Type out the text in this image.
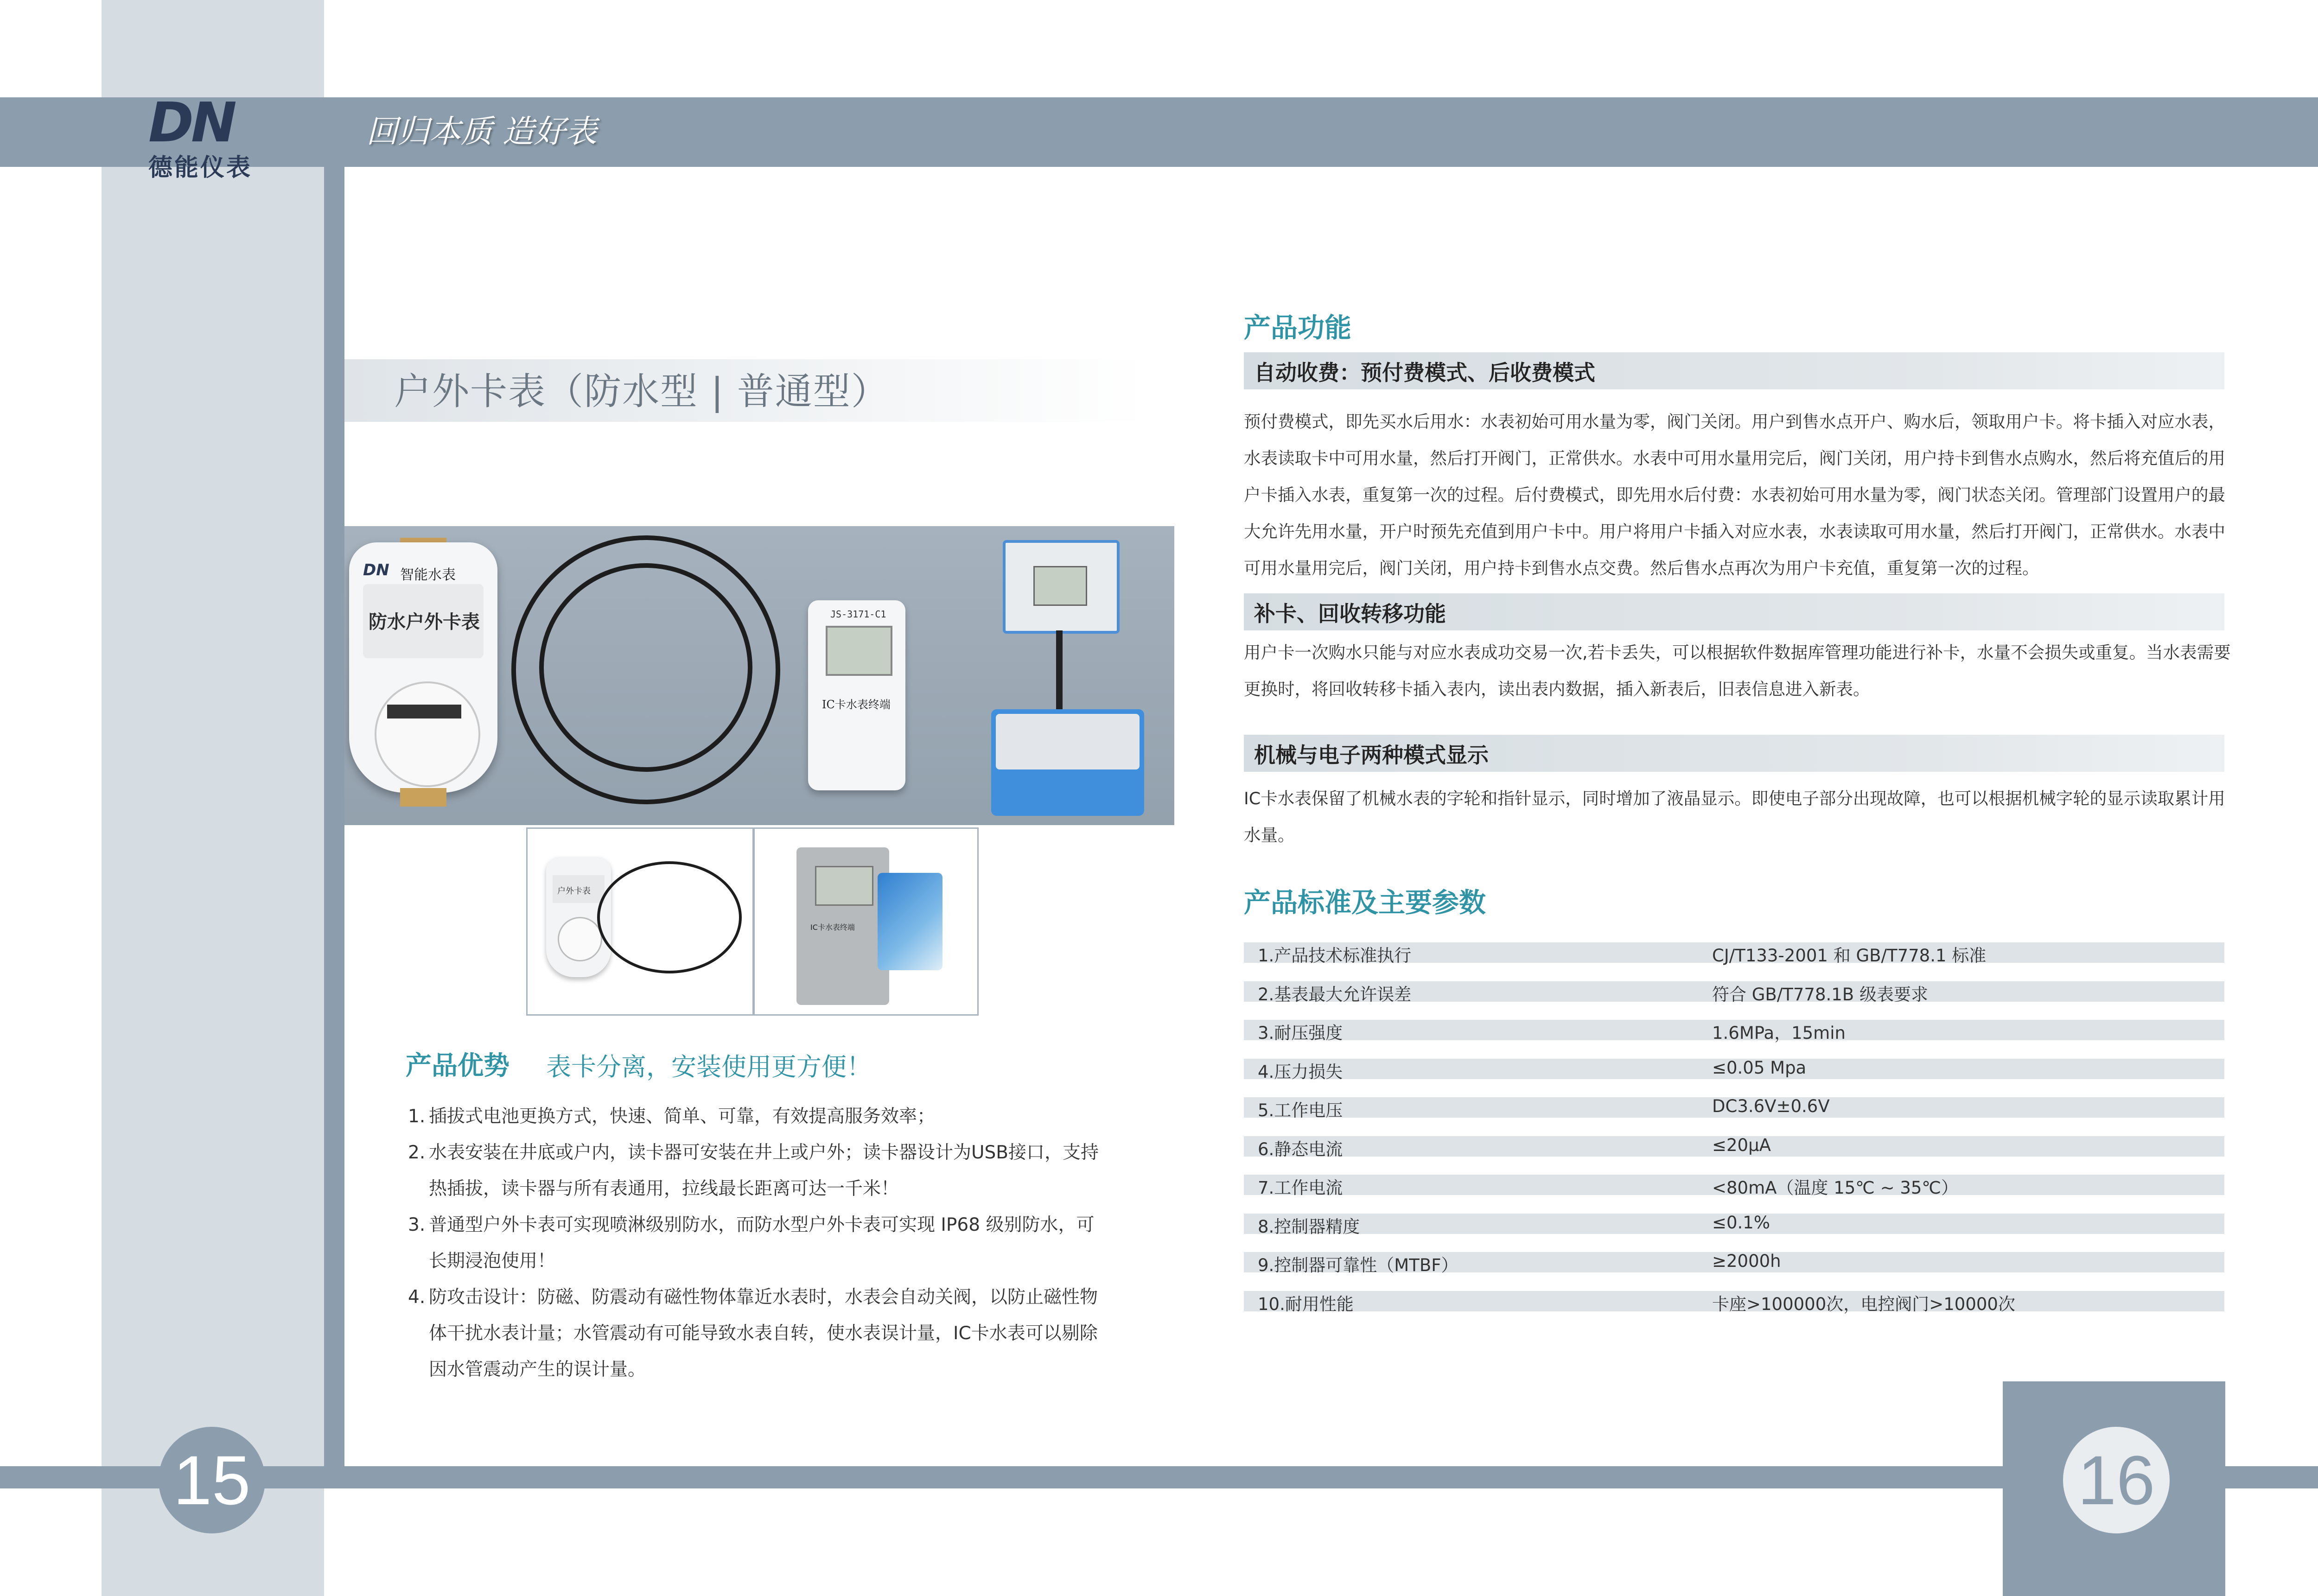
DN
德能仪表
回归本质 造好表
户外卡表（防水型 | 普通型）
DN 智能水表
防水户外卡表	JS-3171-C1
IC卡水表终端
户外卡表
IC卡水表终端
产品优势 表卡分离，安装使用更方便！
1. 插拔式电池更换方式，快速、简单、可靠，有效提高服务效率；
2. 水表安装在井底或户内，读卡器可安装在井上或户外；读卡器设计为USB接口，支持热插拔，读卡器与所有表通用，拉线最长距离可达一千米！
3. 普通型户外卡表可实现喷淋级别防水，而防水型户外卡表可实现 IP68 级别防水，可长期浸泡使用！
4. 防攻击设计：防磁、防震动有磁性物体靠近水表时，水表会自动关阀，以防止磁性物体干扰水表计量；水管震动有可能导致水表自转，使水表误计量，IC卡水表可以剔除因水管震动产生的误计量。
产品功能
自动收费：预付费模式、后收费模式
预付费模式，即先买水后用水：水表初始可用水量为零，阀门关闭。用户到售水点开户、购水后，领取用户卡。将卡插入对应水表，水表读取卡中可用水量，然后打开阀门，正常供水。水表中可用水量用完后，阀门关闭，用户持卡到售水点购水，然后将充值后的用户卡插入水表，重复第一次的过程。后付费模式，即先用水后付费：水表初始可用水量为零，阀门状态关闭。管理部门设置用户的最大允许先用水量，开户时预先充值到用户卡中。用户将用户卡插入对应水表，水表读取可用水量，然后打开阀门，正常供水。水表中可用水量用完后，阀门关闭，用户持卡到售水点交费。然后售水点再次为用户卡充值，重复第一次的过程。
补卡、回收转移功能
用户卡一次购水只能与对应水表成功交易一次,若卡丢失，可以根据软件数据库管理功能进行补卡，水量不会损失或重复。当水表需要更换时，将回收转移卡插入表内，读出表内数据，插入新表后，旧表信息进入新表。
机械与电子两种模式显示
IC卡水表保留了机械水表的字轮和指针显示，同时增加了液晶显示。即使电子部分出现故障，也可以根据机械字轮的显示读取累计用水量。
产品标准及主要参数
1.产品技术标准执行	CJ/T133-2001 和 GB/T778.1 标准
2.基表最大允许误差	符合 GB/T778.1B 级表要求
3.耐压强度	1.6MPa，15min
4.压力损失	≤0.05 Mpa
5.工作电压	DC3.6V±0.6V
6.静态电流	≤20μA
7.工作电流	<80mA（温度 15℃ ~ 35℃）
8.控制器精度	≤0.1%
9.控制器可靠性（MTBF）	≥2000h
10.耐用性能	卡座>100000次，电控阀门>10000次
15	16
